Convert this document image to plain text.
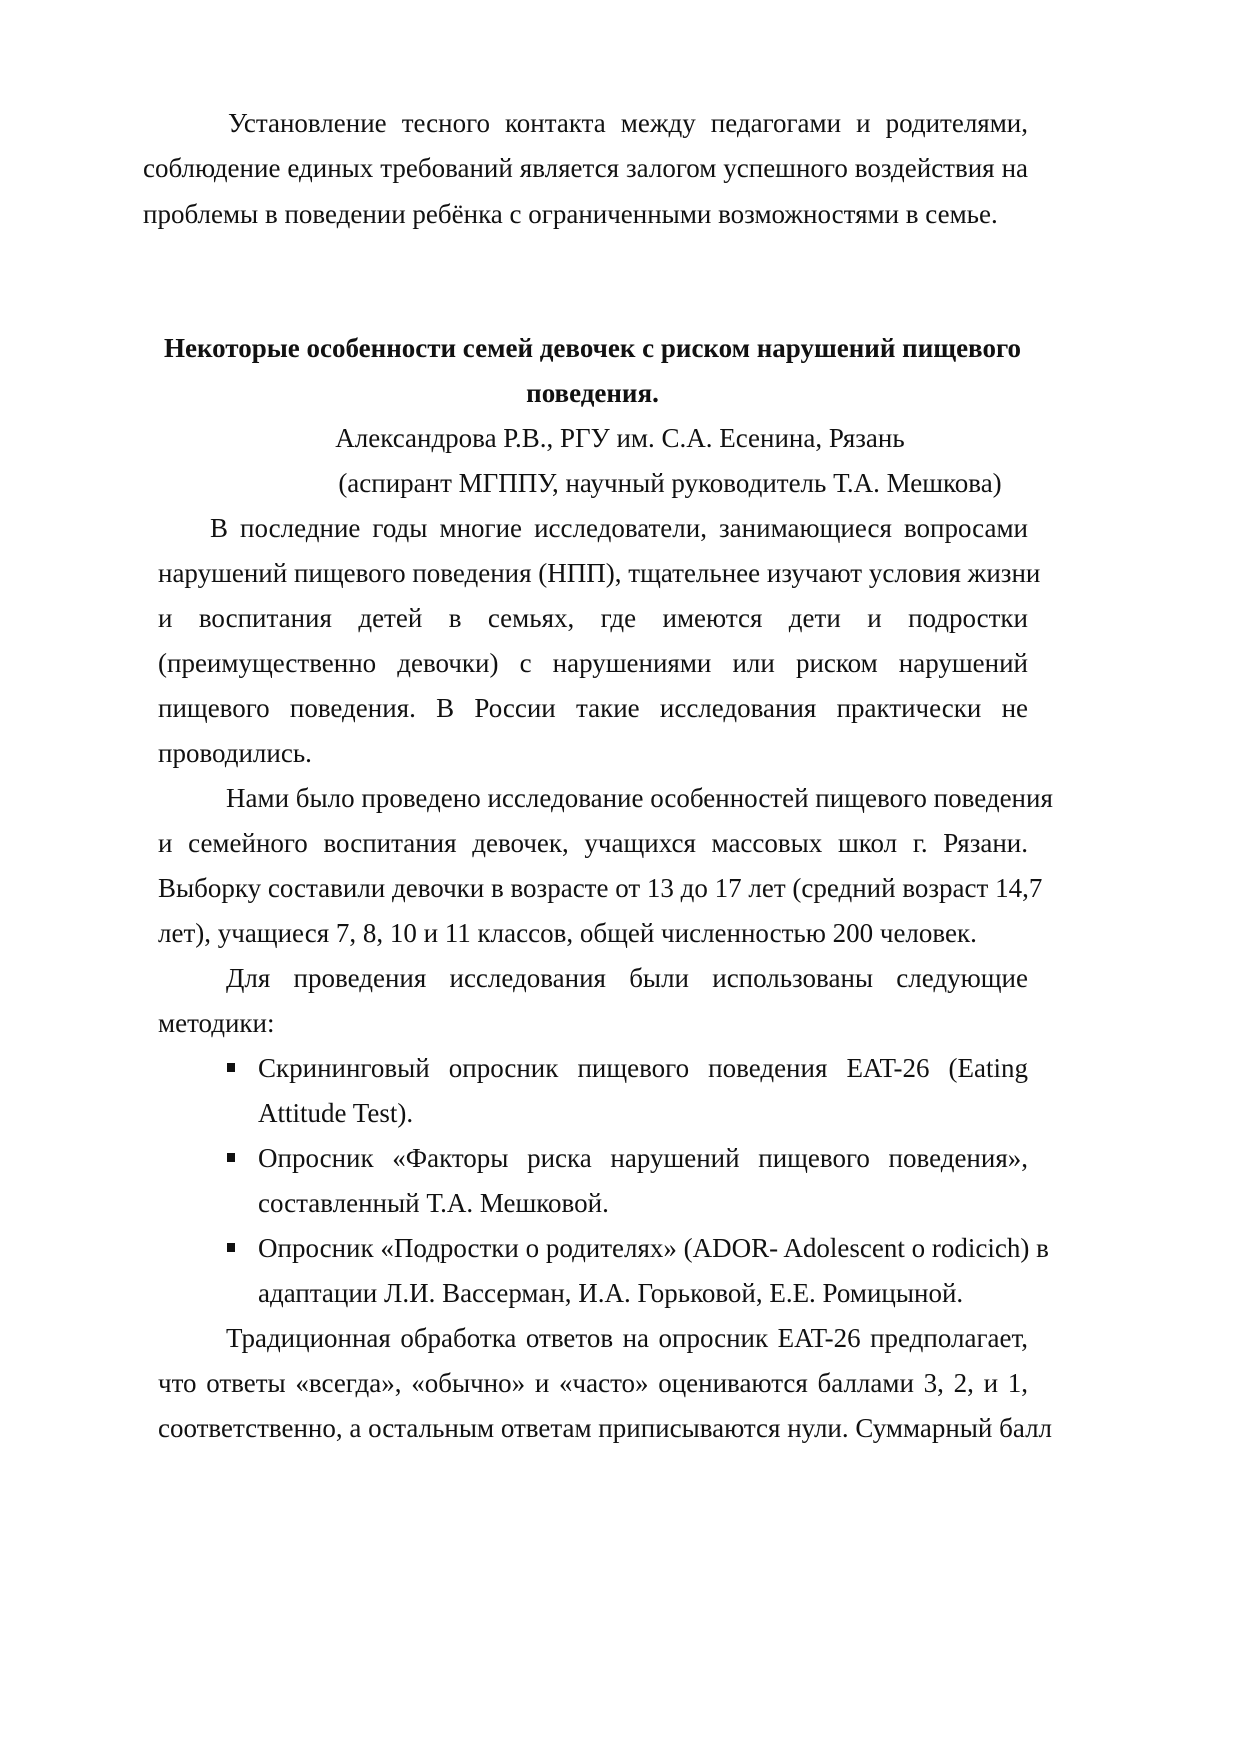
Установление тесного контакта между педагогами и родителями,
соблюдение единых требований является залогом успешного воздействия на
проблемы в поведении ребёнка с ограниченными возможностями в семье.
Некоторые особенности семей девочек с риском нарушений пищевого
поведения.
Александрова Р.В., РГУ им. С.А. Есенина, Рязань
(аспирант МГППУ, научный руководитель Т.А. Мешкова)
В последние годы многие исследователи, занимающиеся вопросами
нарушений пищевого поведения (НПП), тщательнее изучают условия жизни
и воспитания детей в семьях, где имеются дети и подростки
(преимущественно девочки) с нарушениями или риском нарушений
пищевого поведения. В России такие исследования практически не
проводились.
Нами было проведено исследование особенностей пищевого поведения
и семейного воспитания девочек, учащихся массовых школ г. Рязани.
Выборку составили девочки в возрасте от 13 до 17 лет (средний возраст 14,7
лет), учащиеся 7, 8, 10 и 11 классов, общей численностью 200 человек.
Для проведения исследования были использованы следующие
методики:
Скрининговый опросник пищевого поведения EAT-26 (Eating
Attitude Test).
Опросник «Факторы риска нарушений пищевого поведения»,
составленный Т.А. Мешковой.
Опросник «Подростки о родителях» (ADOR- Adolescent o rodicich) в
адаптации Л.И. Вассерман, И.А. Горьковой, Е.Е. Ромицыной.
Традиционная обработка ответов на опросник EAT-26 предполагает,
что ответы «всегда», «обычно» и «часто» оцениваются баллами 3, 2, и 1,
соответственно, а остальным ответам приписываются нули. Суммарный балл
